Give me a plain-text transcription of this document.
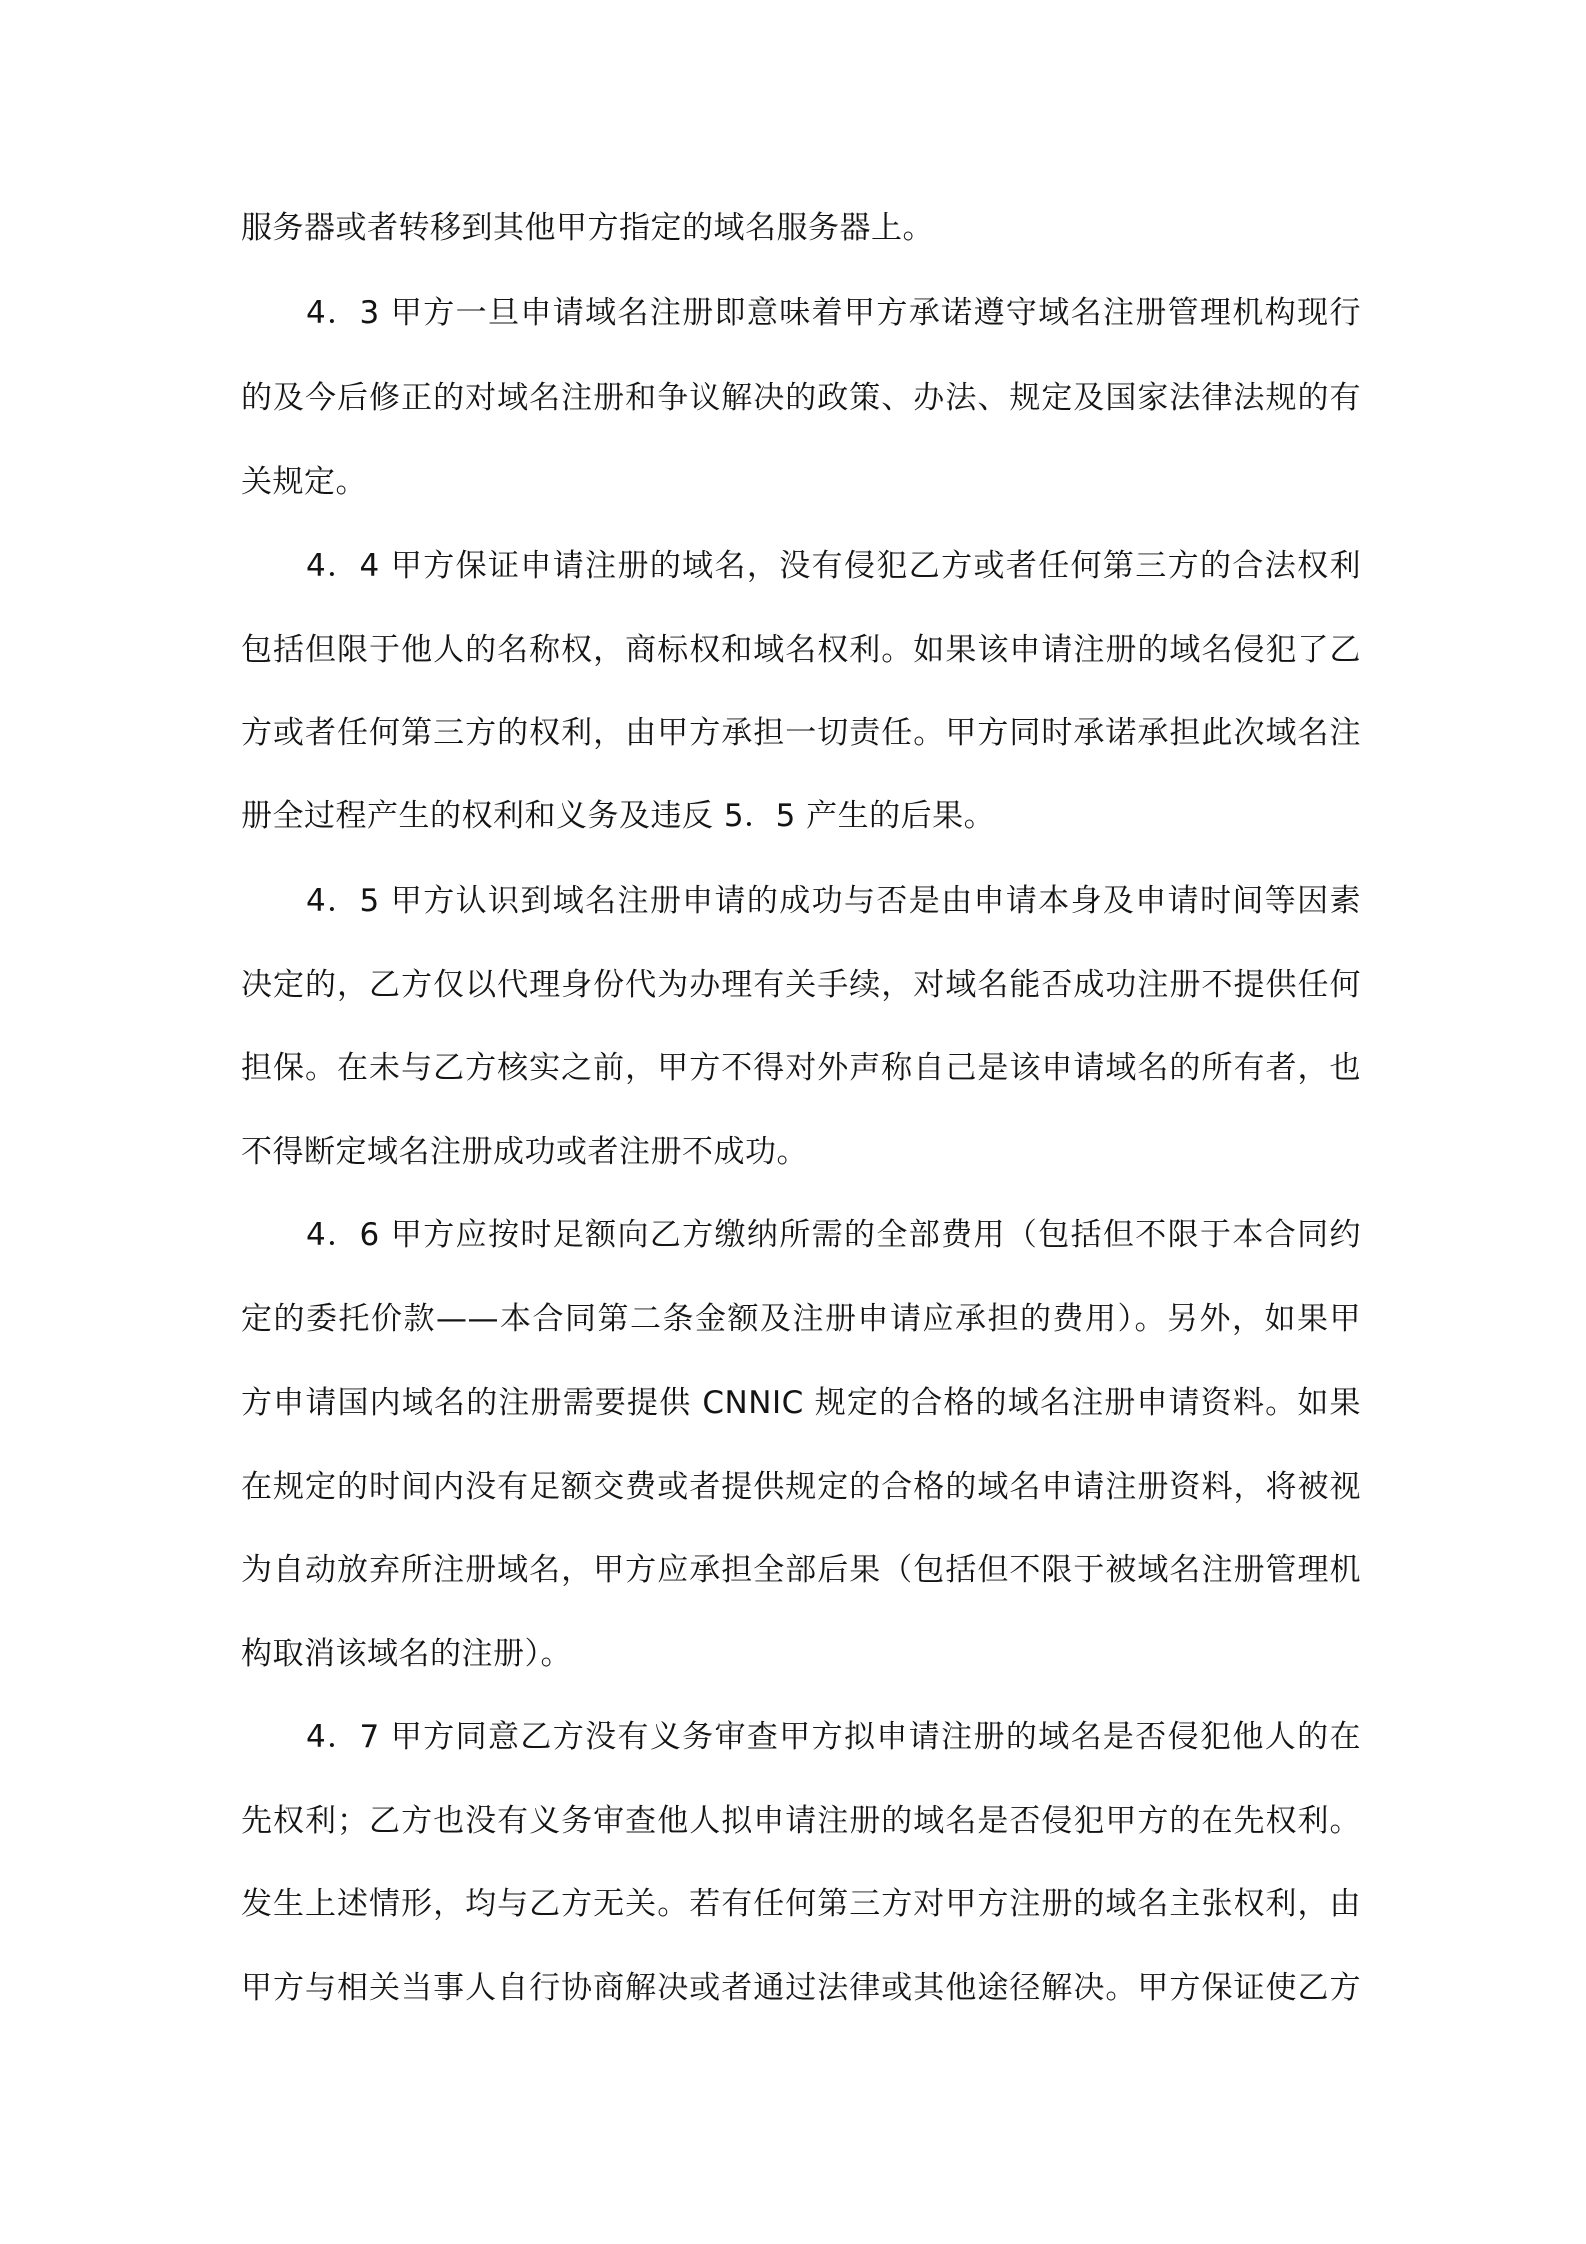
服务器或者转移到其他甲方指定的域名服务器上。
4．3 甲方一旦申请域名注册即意味着甲方承诺遵守域名注册管理机构现行
的及今后修正的对域名注册和争议解决的政策、办法、规定及国家法律法规的有
关规定。
4．4 甲方保证申请注册的域名，没有侵犯乙方或者任何第三方的合法权利
包括但限于他人的名称权，商标权和域名权利。如果该申请注册的域名侵犯了乙
方或者任何第三方的权利，由甲方承担一切责任。甲方同时承诺承担此次域名注
册全过程产生的权利和义务及违反 5．5 产生的后果。
4．5 甲方认识到域名注册申请的成功与否是由申请本身及申请时间等因素
决定的，乙方仅以代理身份代为办理有关手续，对域名能否成功注册不提供任何
担保。在未与乙方核实之前，甲方不得对外声称自己是该申请域名的所有者，也
不得断定域名注册成功或者注册不成功。
4．6 甲方应按时足额向乙方缴纳所需的全部费用（包括但不限于本合同约
定的委托价款——本合同第二条金额及注册申请应承担的费用）。另外，如果甲
方申请国内域名的注册需要提供 CNNIC 规定的合格的域名注册申请资料。如果
在规定的时间内没有足额交费或者提供规定的合格的域名申请注册资料，将被视
为自动放弃所注册域名，甲方应承担全部后果（包括但不限于被域名注册管理机
构取消该域名的注册）。
4．7 甲方同意乙方没有义务审查甲方拟申请注册的域名是否侵犯他人的在
先权利；乙方也没有义务审查他人拟申请注册的域名是否侵犯甲方的在先权利。
发生上述情形，均与乙方无关。若有任何第三方对甲方注册的域名主张权利，由
甲方与相关当事人自行协商解决或者通过法律或其他途径解决。甲方保证使乙方
